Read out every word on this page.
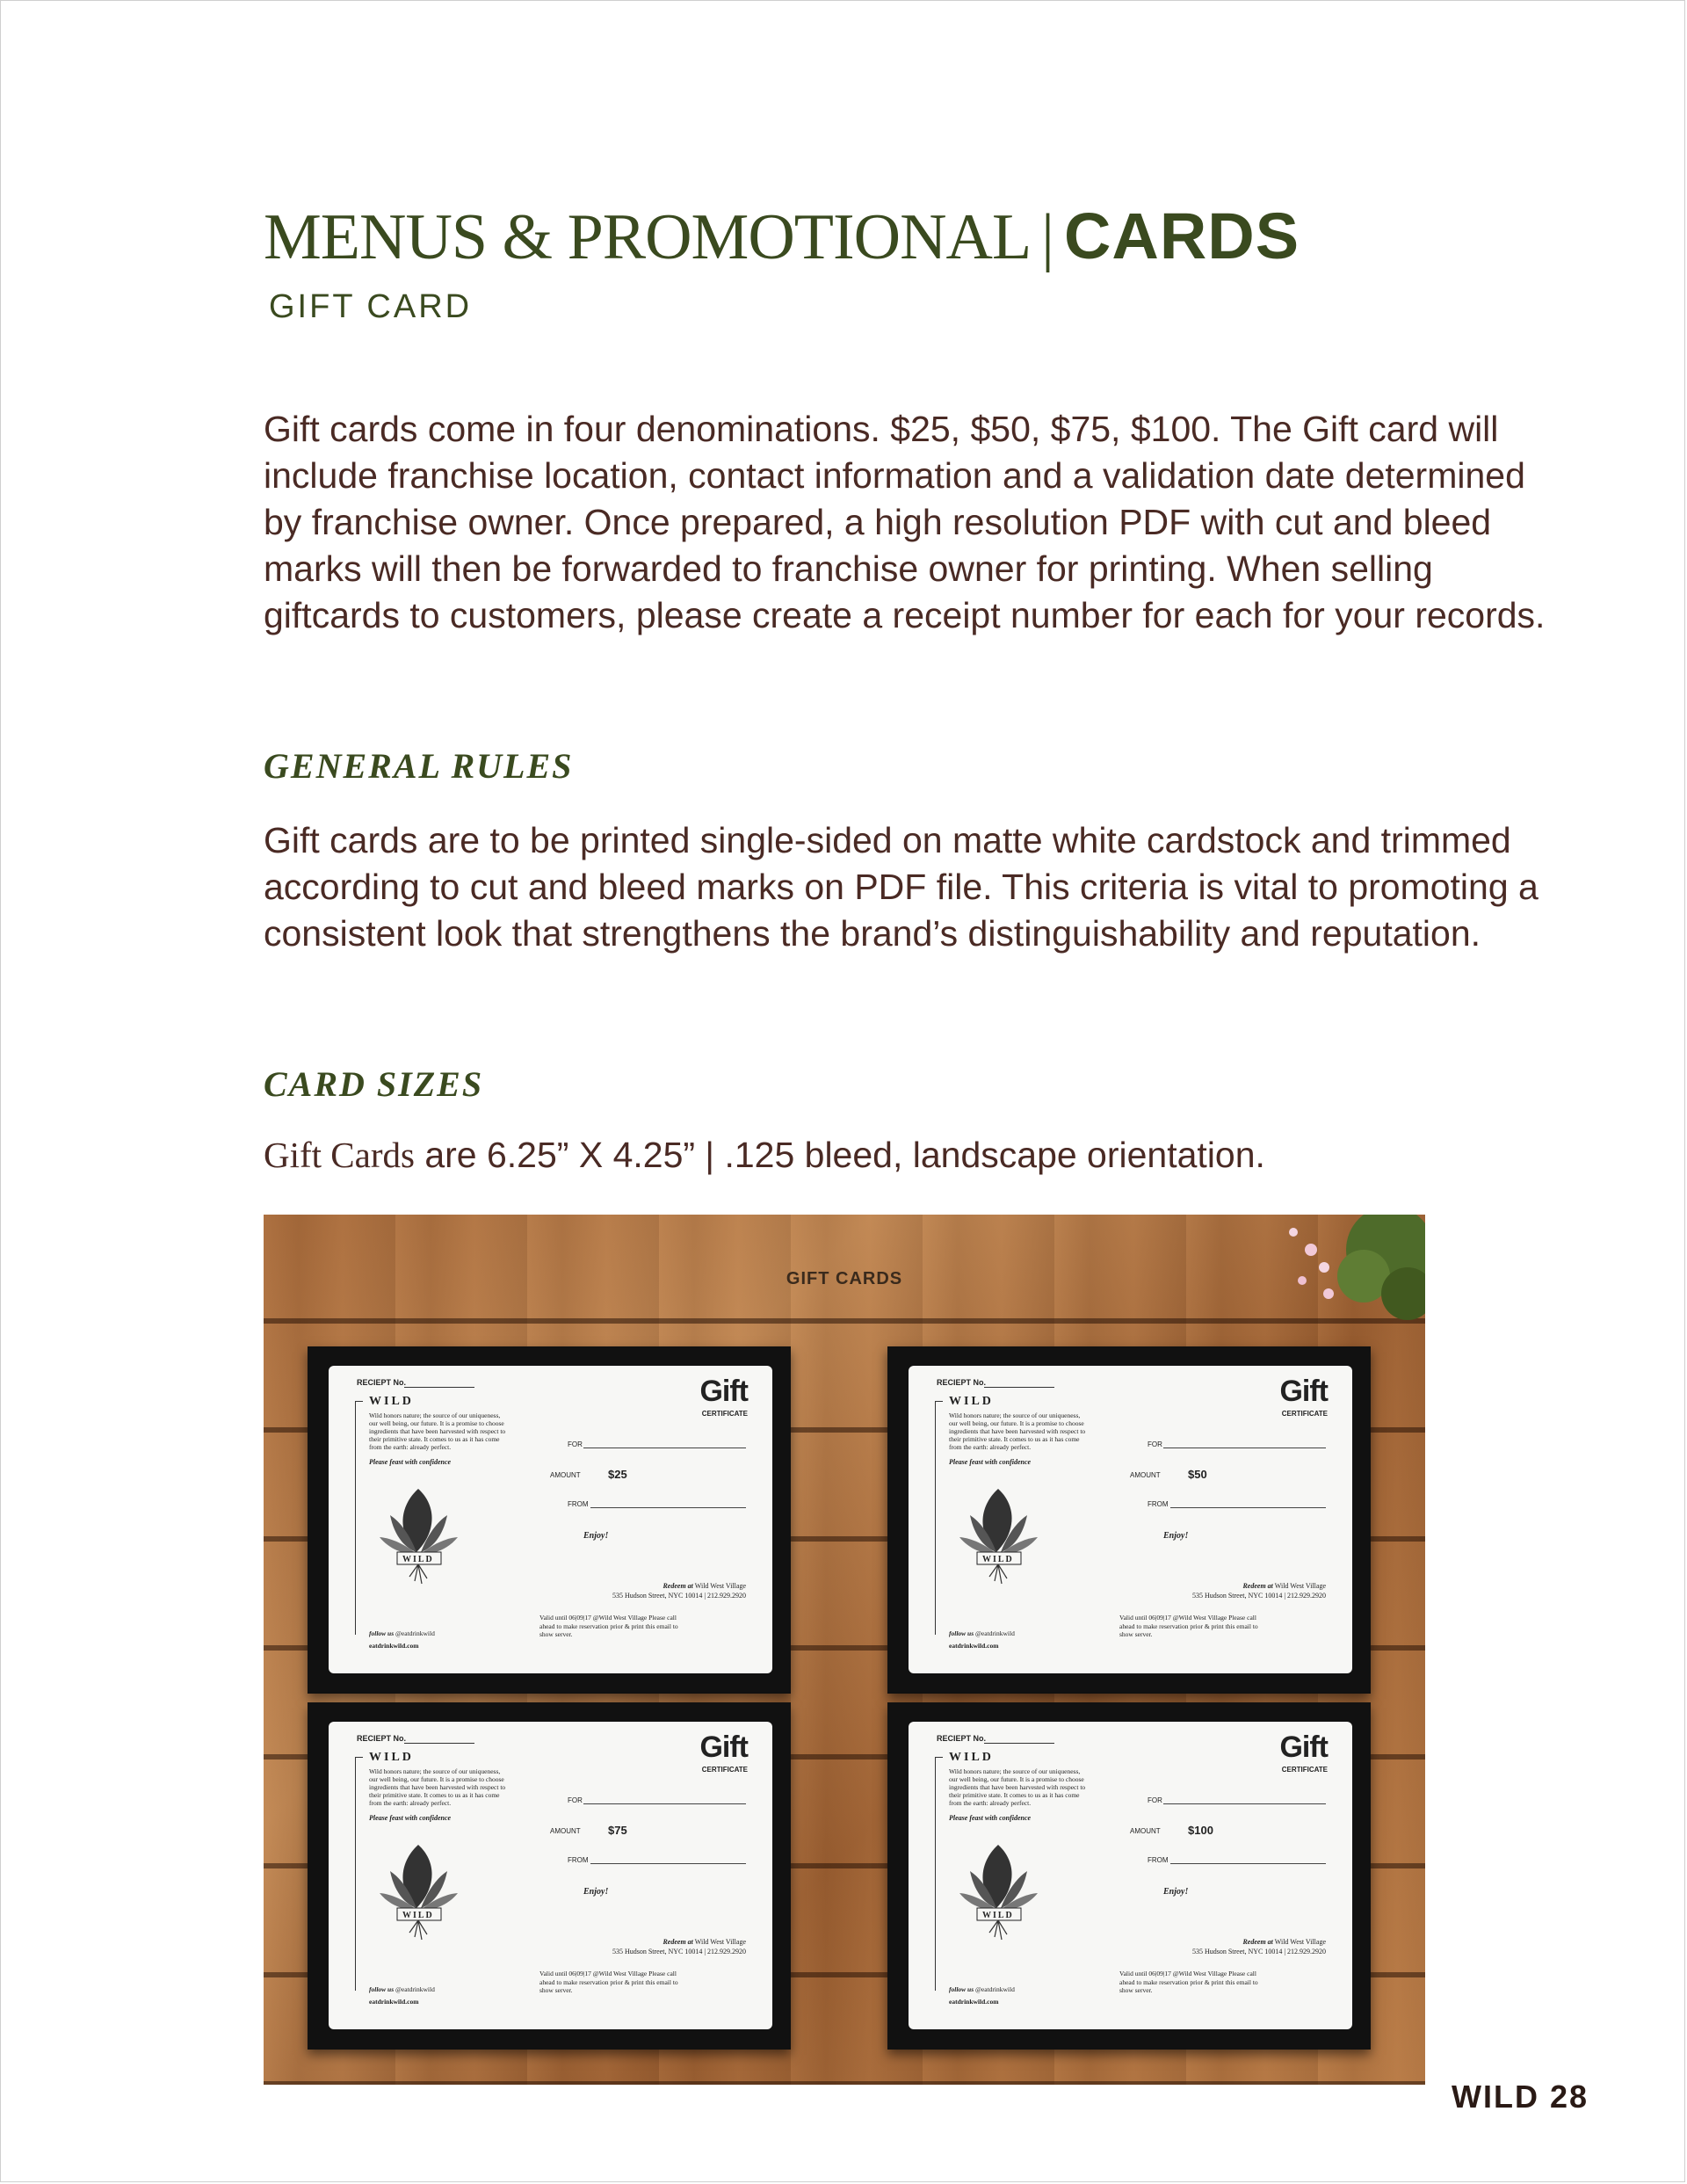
MENUS & PROMOTIONAL | CARDS
GIFT CARD
Gift cards come in four denominations. $25, $50, $75, $100. The Gift card will include franchise location, contact information and a validation date determined by franchise owner. Once prepared, a high resolution PDF with cut and bleed marks will then be forwarded to franchise owner for printing. When selling giftcards to customers, please create a receipt number for each for your records.
GENERAL RULES
Gift cards are to be printed single-sided on matte white cardstock and trimmed according to cut and bleed marks on PDF file. This criteria is vital to promoting a consistent look that strengthens the brand’s distinguishability and reputation.
CARD SIZES
Gift Cards are 6.25” X 4.25” | .125 bleed, landscape orientation.
GIFT CARDS
RECIEPT No.
WILD
Wild honors nature; the source of our uniqueness, our well being, our future. It is a promise to choose ingredients that have been harvested with respect to their primitive state. It comes to us as it has come from the earth: already perfect.
Please feast with confidence
WILD
follow us @eatdrinkwild
eatdrinkwild.com
Gift
CERTIFICATE
FOR
AMOUNT $25
FROM
Enjoy!
Redeem at Wild West Village
535 Hudson Street, NYC 10014 | 212.929.2920
Valid until 06|09|17 @Wild West Village Please call ahead to make reservation prior & print this email to show server.
RECIEPT No.
WILD
Wild honors nature; the source of our uniqueness, our well being, our future. It is a promise to choose ingredients that have been harvested with respect to their primitive state. It comes to us as it has come from the earth: already perfect.
Please feast with confidence
WILD
follow us @eatdrinkwild
eatdrinkwild.com
Gift
CERTIFICATE
FOR
AMOUNT $50
FROM
Enjoy!
Redeem at Wild West Village
535 Hudson Street, NYC 10014 | 212.929.2920
Valid until 06|09|17 @Wild West Village Please call ahead to make reservation prior & print this email to show server.
RECIEPT No.
WILD
Wild honors nature; the source of our uniqueness, our well being, our future. It is a promise to choose ingredients that have been harvested with respect to their primitive state. It comes to us as it has come from the earth: already perfect.
Please feast with confidence
WILD
follow us @eatdrinkwild
eatdrinkwild.com
Gift
CERTIFICATE
FOR
AMOUNT $75
FROM
Enjoy!
Redeem at Wild West Village
535 Hudson Street, NYC 10014 | 212.929.2920
Valid until 06|09|17 @Wild West Village Please call ahead to make reservation prior & print this email to show server.
RECIEPT No.
WILD
Wild honors nature; the source of our uniqueness, our well being, our future. It is a promise to choose ingredients that have been harvested with respect to their primitive state. It comes to us as it has come from the earth: already perfect.
Please feast with confidence
WILD
follow us @eatdrinkwild
eatdrinkwild.com
Gift
CERTIFICATE
FOR
AMOUNT $100
FROM
Enjoy!
Redeem at Wild West Village
535 Hudson Street, NYC 10014 | 212.929.2920
Valid until 06|09|17 @Wild West Village Please call ahead to make reservation prior & print this email to show server.
WILD 28
